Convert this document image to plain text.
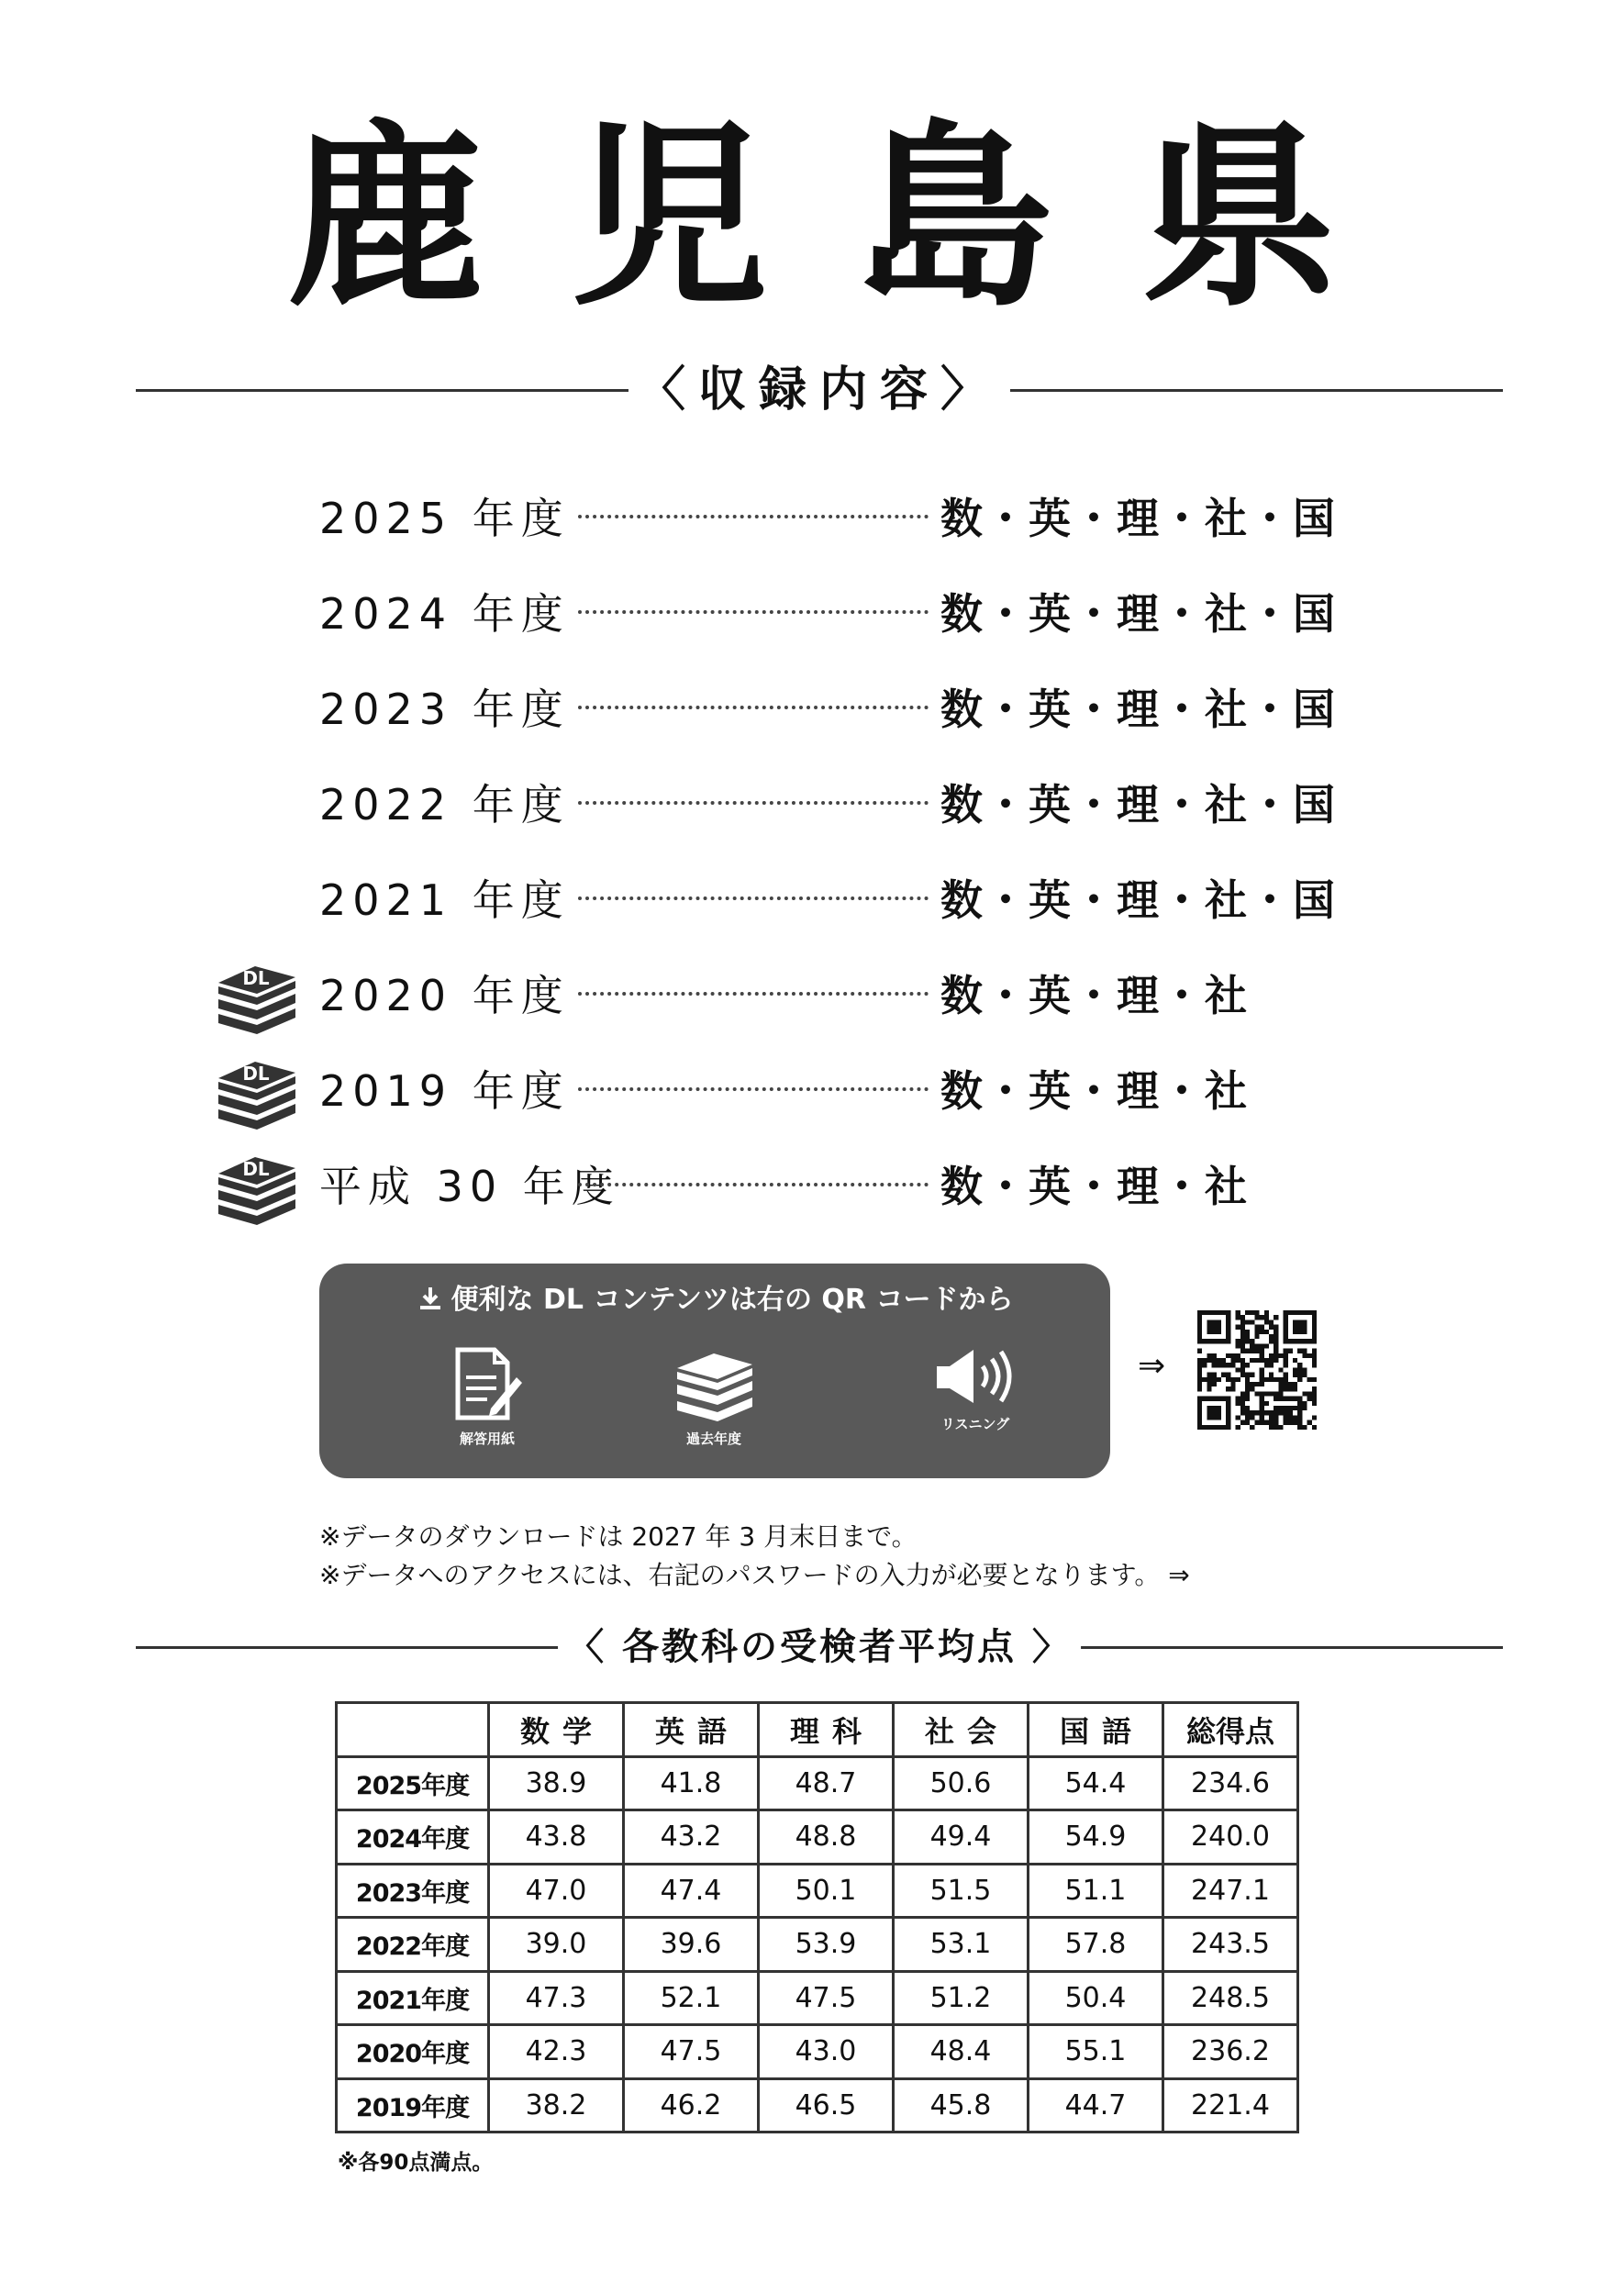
鹿児島県
〈収録内容〉
2025 年度	数・英・理・社・国
2024 年度	数・英・理・社・国
2023 年度	数・英・理・社・国
2022 年度	数・英・理・社・国
2021 年度	数・英・理・社・国
DL 2020 年度	数・英・理・社
DL 2019 年度	数・英・理・社
DL 平成 30 年度	数・英・理・社
便利な DL コンテンツは右の QR コードから
解答用紙	過去年度
リスニング
⇒
※データのダウンロードは 2027 年 3 月末日まで。
※データへのアクセスには、右記のパスワードの入力が必要となります。 ⇒
〈 各教科の受検者平均点 〉
	数学	英語	理科	社会	国語	総得点
2025年度	38.9	41.8	48.7	50.6	54.4	234.6
2024年度	43.8	43.2	48.8	49.4	54.9	240.0
2023年度	47.0	47.4	50.1	51.5	51.1	247.1
2022年度	39.0	39.6	53.9	53.1	57.8	243.5
2021年度	47.3	52.1	47.5	51.2	50.4	248.5
2020年度	42.3	47.5	43.0	48.4	55.1	236.2
2019年度	38.2	46.2	46.5	45.8	44.7	221.4
※各90点満点。
